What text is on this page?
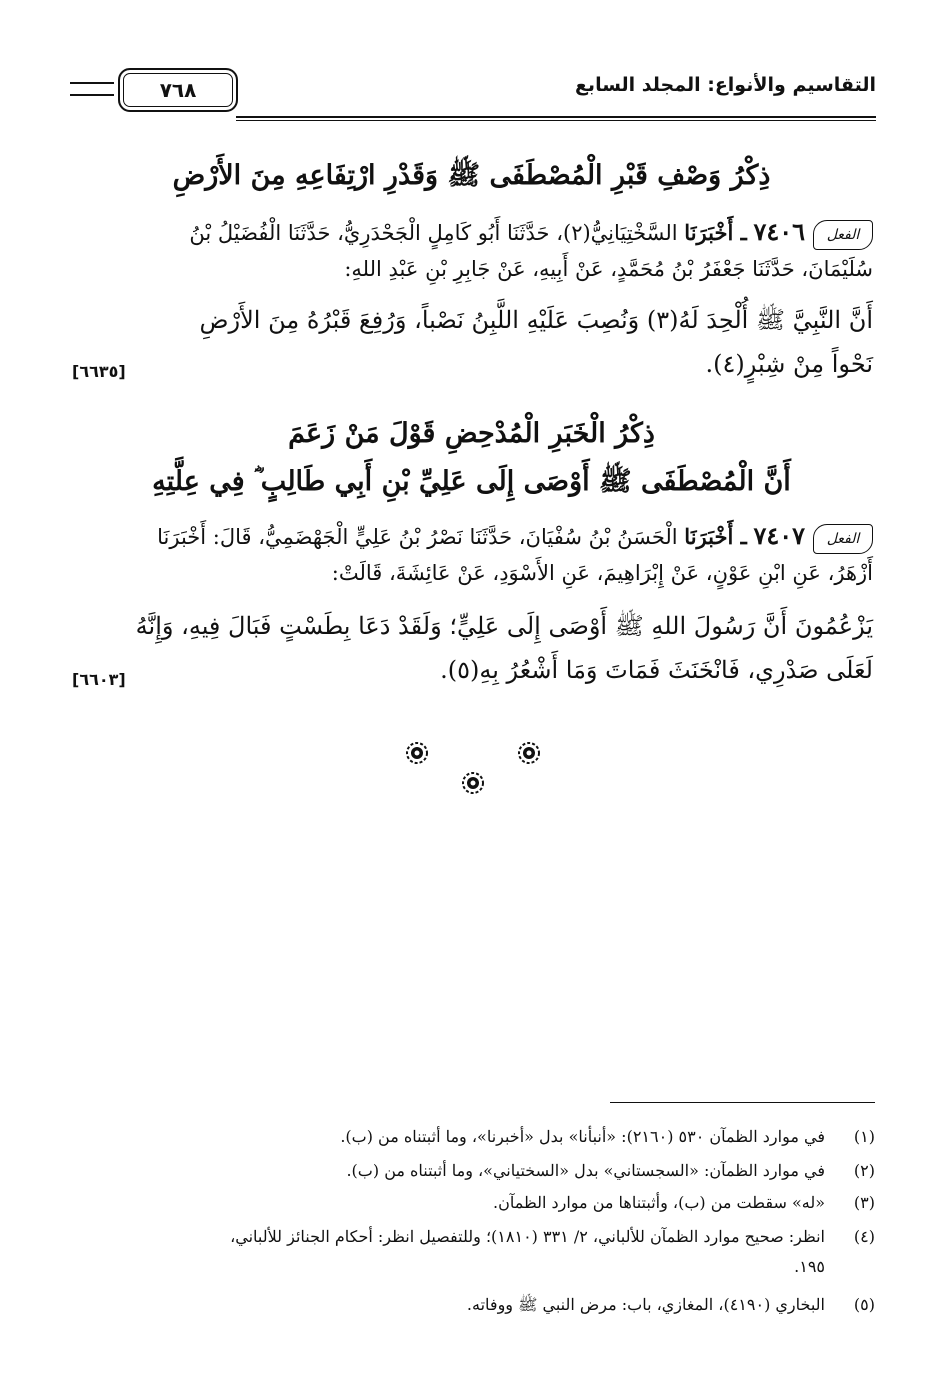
التقاسيم والأنواع: المجلد السابع
٧٦٨
ذِكْرُ وَصْفِ قَبْرِ الْمُصْطَفَى ﷺ وَقَدْرِ ارْتِفَاعِهِ مِنَ الأَرْضِ
الفعل٧٤٠٦ ـ أَخْبَرَنَا السَّخْتِيَانِيُّ(٢)، حَدَّثَنَا أَبُو كَامِلٍ الْجَحْدَرِيُّ، حَدَّثَنَا الْفُضَيْلُ بْنُ
سُلَيْمَانَ، حَدَّثَنَا جَعْفَرُ بْنُ مُحَمَّدٍ، عَنْ أَبِيهِ، عَنْ جَابِرِ بْنِ عَبْدِ اللهِ:
أَنَّ النَّبِيَّ ﷺ أُلْحِدَ لَهُ(٣) وَنُصِبَ عَلَيْهِ اللَّبِنُ نَصْباً، وَرُفِعَ قَبْرُهُ مِنَ الأَرْضِ
نَحْواً مِنْ شِبْرٍ(٤).
[٦٦٣٥]
ذِكْرُ الْخَبَرِ الْمُدْحِضِ قَوْلَ مَنْ زَعَمَ
أَنَّ الْمُصْطَفَى ﷺ أَوْصَى إِلَى عَلِيِّ بْنِ أَبِي طَالِبٍ ؓ فِي عِلَّتِهِ
الفعل٧٤٠٧ ـ أَخْبَرَنَا الْحَسَنُ بْنُ سُفْيَانَ، حَدَّثَنَا نَصْرُ بْنُ عَلِيٍّ الْجَهْضَمِيُّ، قَالَ: أَخْبَرَنَا
أَزْهَرُ، عَنِ ابْنِ عَوْنٍ، عَنْ إِبْرَاهِيمَ، عَنِ الأَسْوَدِ، عَنْ عَائِشَةَ، قَالَتْ:
يَزْعُمُونَ أَنَّ رَسُولَ اللهِ ﷺ أَوْصَى إِلَى عَلِيٍّ؛ وَلَقَدْ دَعَا بِطَسْتٍ فَبَالَ فِيهِ، وَإِنَّهُ
لَعَلَى صَدْرِي، فَانْخَنَثَ فَمَاتَ وَمَا أَشْعُرُ بِهِ(٥).
[٦٦٠٣]
(١)في موارد الظمآن ٥٣٠ (٢١٦٠): «أنبأنا» بدل «أخبرنا»، وما أثبتناه من (ب).
(٢)في موارد الظمآن: «السجستاني» بدل «السختياني»، وما أثبتناه من (ب).
(٣)«له» سقطت من (ب)، وأثبتناها من موارد الظمآن.
(٤)انظر: صحيح موارد الظمآن للألباني، ٢/ ٣٣١ (١٨١٠)؛ وللتفصيل انظر: أحكام الجنائز للألباني،
١٩٥.
(٥)البخاري (٤١٩٠)، المغازي، باب: مرض النبي ﷺ ووفاته.
